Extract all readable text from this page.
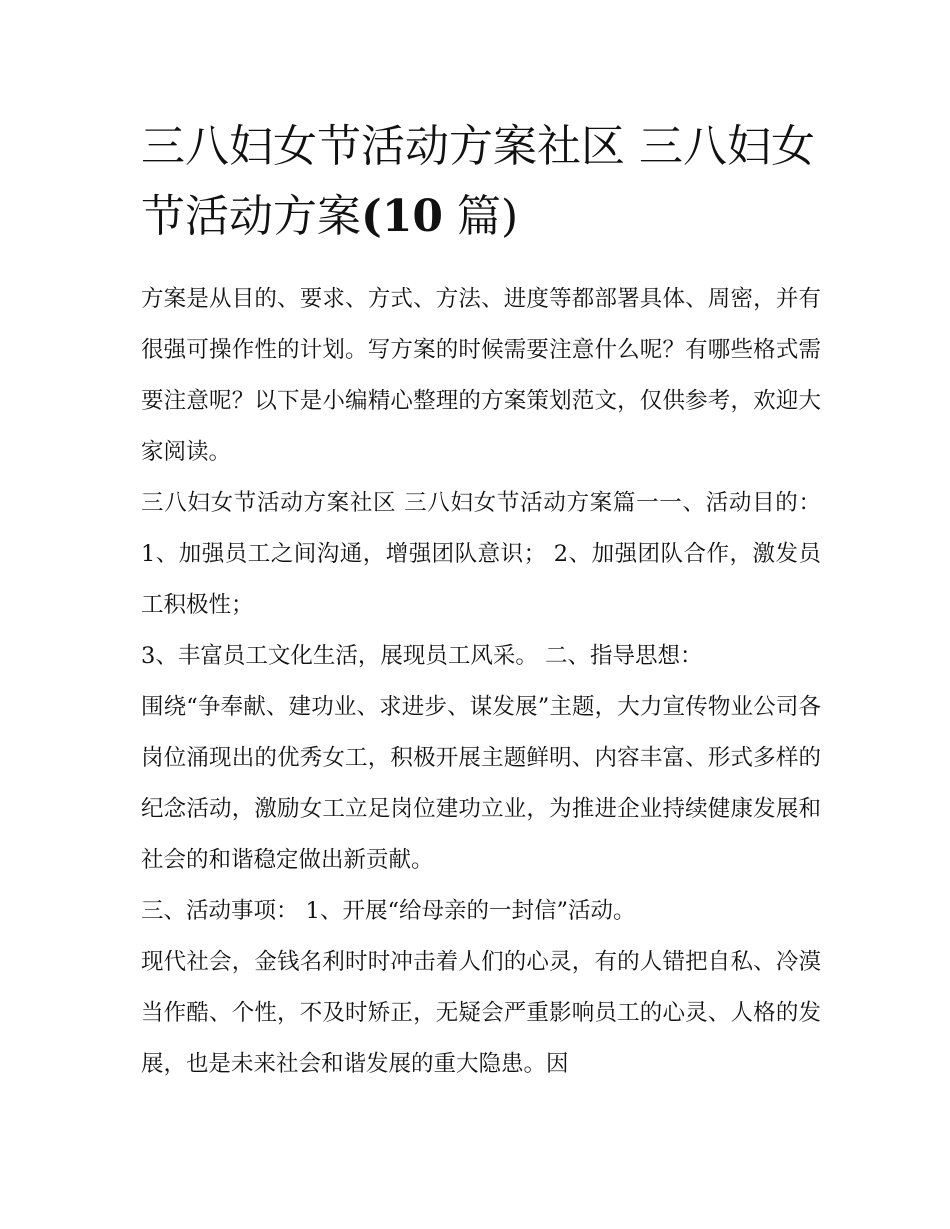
三八妇女节活动方案社区 三八妇女节活动方案(10 篇)

方案是从目的、要求、方式、方法、进度等都部署具体、周密，并有很强可操作性的计划。写方案的时候需要注意什么呢？有哪些格式需要注意呢？以下是小编精心整理的方案策划范文，仅供参考，欢迎大家阅读。

三八妇女节活动方案社区 三八妇女节活动方案篇一一、活动目的： 1、加强员工之间沟通，增强团队意识； 2、加强团队合作，激发员工积极性；

3、丰富员工文化生活，展现员工风采。 二、指导思想：

围绕“争奉献、建功业、求进步、谋发展”主题，大力宣传物业公司各岗位涌现出的优秀女工，积极开展主题鲜明、内容丰富、形式多样的纪念活动，激励女工立足岗位建功立业，为推进企业持续健康发展和社会的和谐稳定做出新贡献。

三、活动事项： 1、开展“给母亲的一封信”活动。

现代社会，金钱名利时时冲击着人们的心灵，有的人错把自私、冷漠当作酷、个性，不及时矫正，无疑会严重影响员工的心灵、人格的发展，也是未来社会和谐发展的重大隐患。因
